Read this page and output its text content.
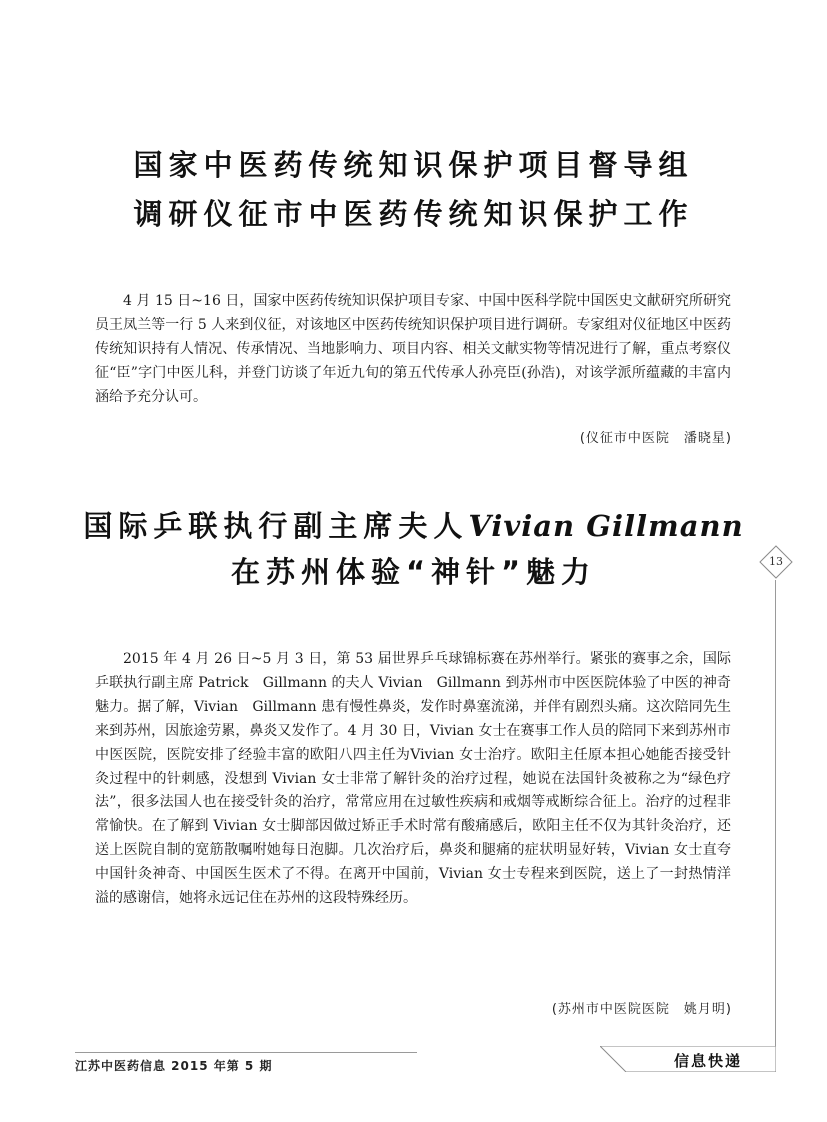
国家中医药传统知识保护项目督导组
调研仪征市中医药传统知识保护工作

4 月 15 日~16 日，国家中医药传统知识保护项目专家、中国中医科学院中国医史文献研究所研究员王凤兰等一行 5 人来到仪征，对该地区中医药传统知识保护项目进行调研。专家组对仪征地区中医药传统知识持有人情况、传承情况、当地影响力、项目内容、相关文献实物等情况进行了解，重点考察仪征“臣”字门中医儿科，并登门访谈了年近九旬的第五代传承人孙亮臣(孙浩)，对该学派所蕴藏的丰富内涵给予充分认可。

(仪征市中医院　潘晓星)
国际乒联执行副主席夫人Vivian Gillmann
在苏州体验“神针”魅力

2015 年 4 月 26 日~5 月 3 日，第 53 届世界乒乓球锦标赛在苏州举行。紧张的赛事之余，国际乒联执行副主席 Patrick　Gillmann 的夫人 Vivian　Gillmann 到苏州市中医医院体验了中医的神奇魅力。据了解，Vivian　Gillmann 患有慢性鼻炎，发作时鼻塞流涕，并伴有剧烈头痛。这次陪同先生来到苏州，因旅途劳累，鼻炎又发作了。4 月 30 日，Vivian 女士在赛事工作人员的陪同下来到苏州市中医医院，医院安排了经验丰富的欧阳八四主任为Vivian 女士治疗。欧阳主任原本担心她能否接受针灸过程中的针刺感，没想到 Vivian 女士非常了解针灸的治疗过程，她说在法国针灸被称之为“绿色疗法”，很多法国人也在接受针灸的治疗，常常应用在过敏性疾病和戒烟等戒断综合征上。治疗的过程非常愉快。在了解到 Vivian 女士脚部因做过矫正手术时常有酸痛感后，欧阳主任不仅为其针灸治疗，还送上医院自制的宽筋散嘱咐她每日泡脚。几次治疗后，鼻炎和腿痛的症状明显好转，Vivian 女士直夸中国针灸神奇、中国医生医术了不得。在离开中国前，Vivian 女士专程来到医院，送上了一封热情洋溢的感谢信，她将永远记住在苏州的这段特殊经历。

(苏州市中医院医院　姚月明)
13
江苏中医药信息 2015 年第 5 期	信息快递
